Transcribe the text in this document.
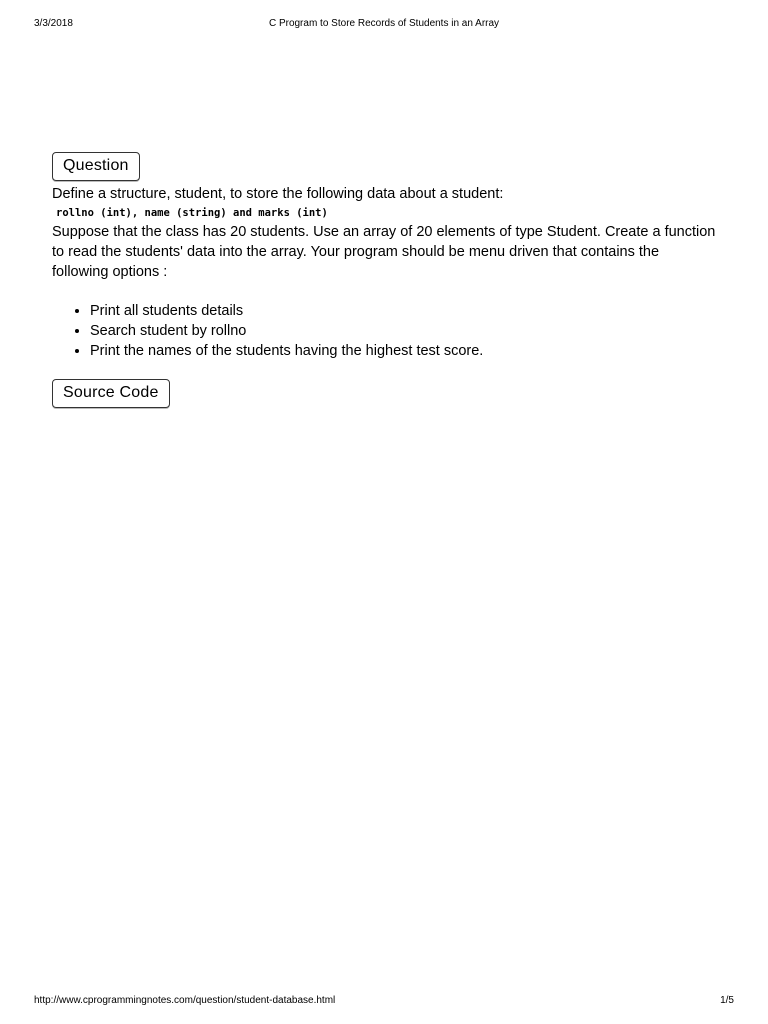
3/3/2018	C Program to Store Records of Students in an Array
Question

Define a structure, student, to store the following data about a student:

rollno (int), name (string) and marks (int)

Suppose that the class has 20 students. Use an array of 20 elements of type Student. Create a function to read the students' data into the array. Your program should be menu driven that contains the following options :

• Print all students details
• Search student by rollno
• Print the names of the students having the highest test score.
Source Code
http://www.cprogrammingnotes.com/question/student-database.html	1/5
